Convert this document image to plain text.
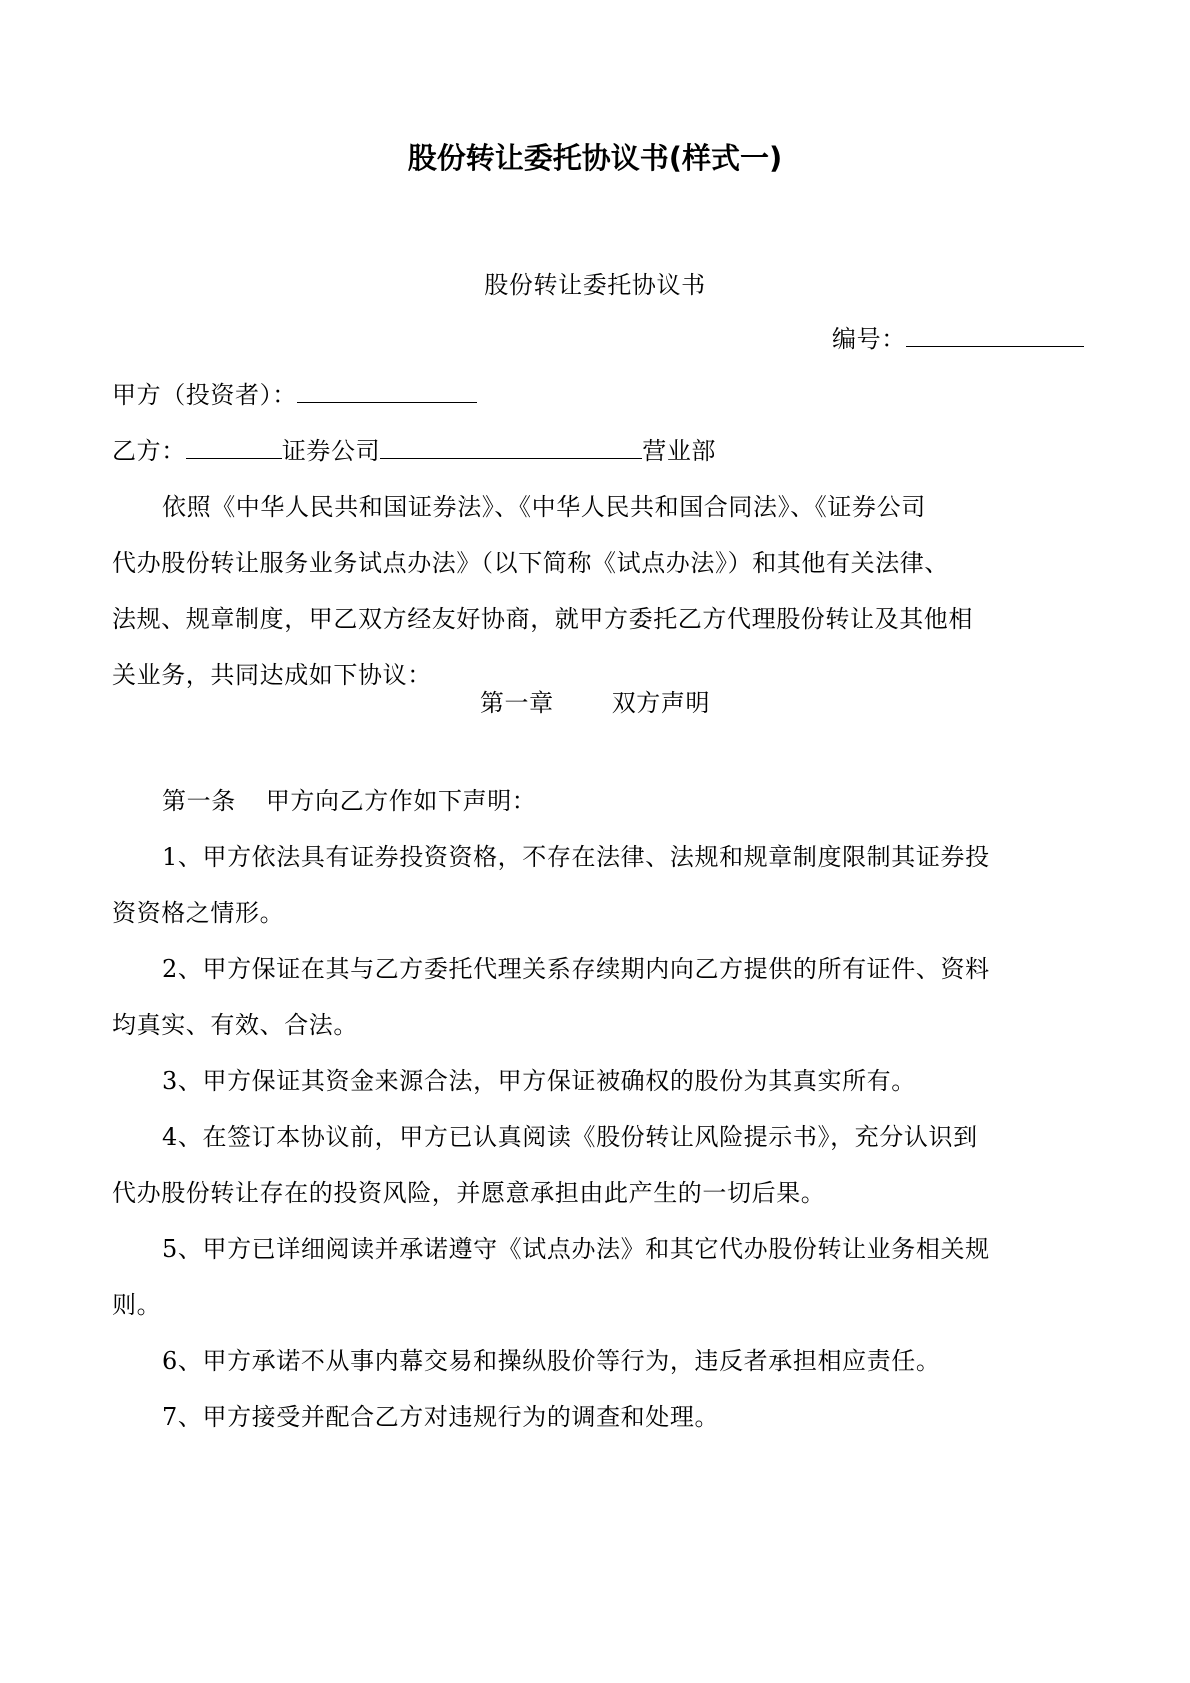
股份转让委托协议书(样式一)
股份转让委托协议书
编号：
甲方（投资者）：
乙方：	证券公司	营业部
依照《中华人民共和国证券法》、《中华人民共和国合同法》、《证券公司
代办股份转让服务业务试点办法》（以下简称《试点办法》）和其他有关法律、
法规、规章制度，甲乙双方经友好协商，就甲方委托乙方代理股份转让及其他相
关业务，共同达成如下协议：
第一章 双方声明
第一条 甲方向乙方作如下声明：
1、甲方依法具有证券投资资格，不存在法律、法规和规章制度限制其证券投
资资格之情形。
2、甲方保证在其与乙方委托代理关系存续期内向乙方提供的所有证件、资料
均真实、有效、合法。
3、甲方保证其资金来源合法，甲方保证被确权的股份为其真实所有。
4、在签订本协议前，甲方已认真阅读《股份转让风险提示书》，充分认识到
代办股份转让存在的投资风险，并愿意承担由此产生的一切后果。
5、甲方已详细阅读并承诺遵守《试点办法》和其它代办股份转让业务相关规
则。
6、甲方承诺不从事内幕交易和操纵股价等行为，违反者承担相应责任。
7、甲方接受并配合乙方对违规行为的调查和处理。
